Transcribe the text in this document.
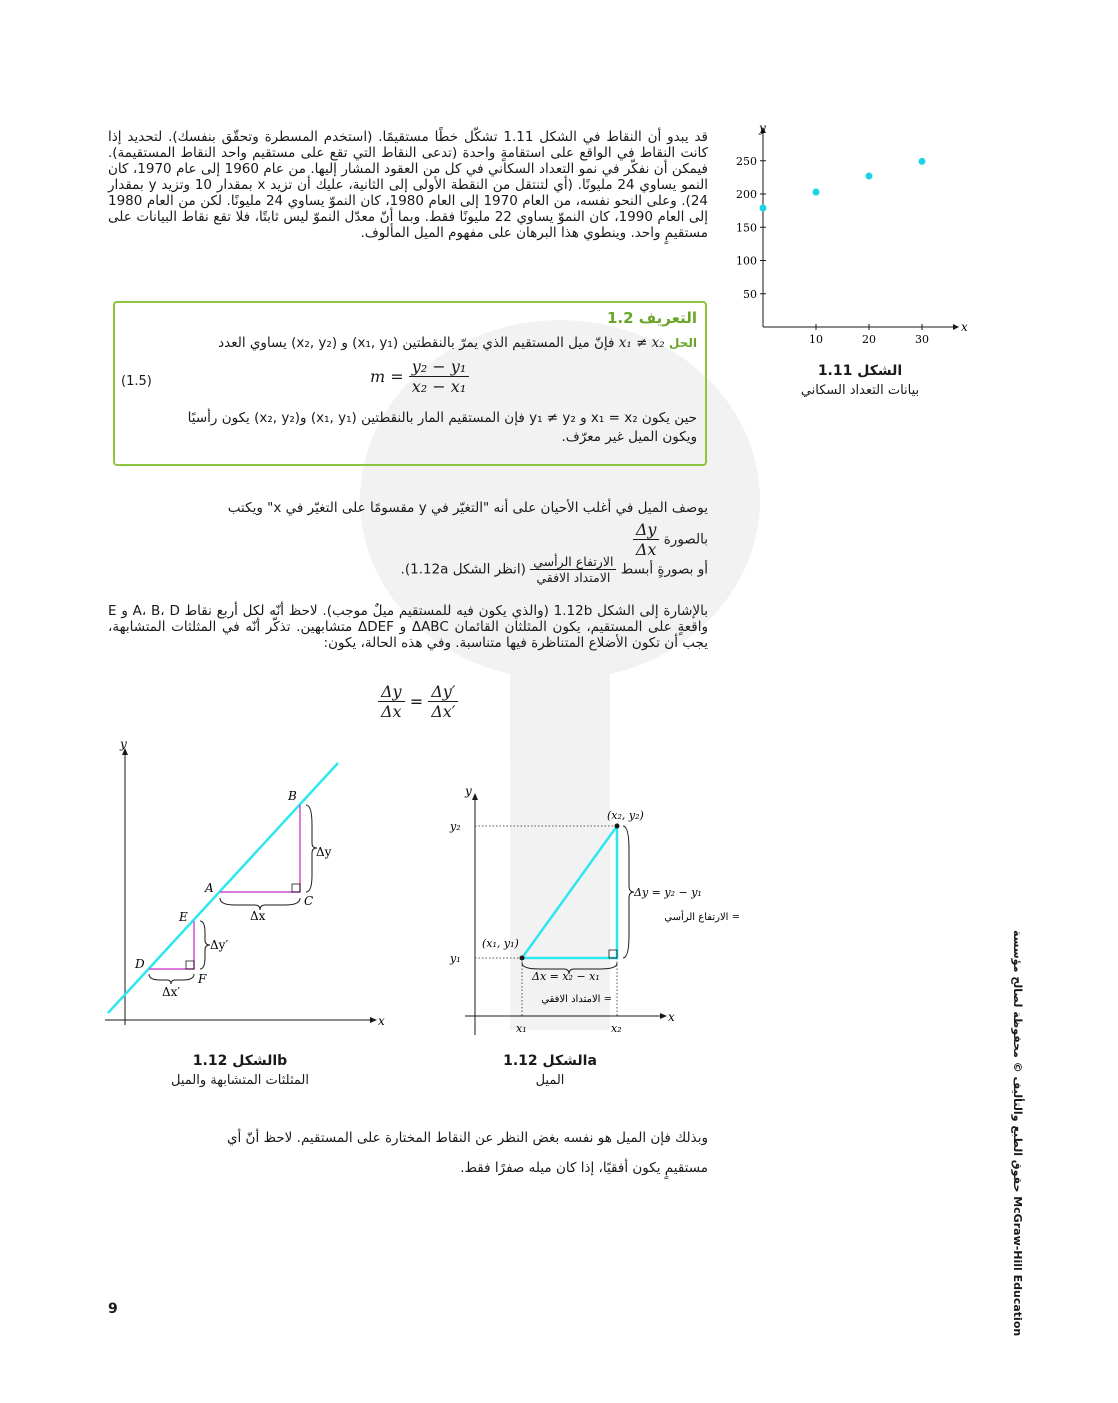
قد يبدو أن النقاط في الشكل 1.11 تشكّل خطًا مستقيمًا. (استخدم المسطرة وتحقّق بنفسك). لتحديد إذا كانت النقاط في الواقع على استقامةٍ واحدة (تدعى النقاط التي تقع على مستقيم واحد النقاط المستقيمة). فيمكن أن نفكّر في نمو التعداد السكاني في كل من العقود المشار إليها. من عام 1960 إلى عام 1970، كان النمو يساوي 24 مليونًا. (أي لتنتقل من النقطة الأولى إلى الثانية، عليك أن تزيد x بمقدار 10 وتزيد y بمقدار 24). وعلى النحو نفسه، من العام 1970 إلى العام 1980، كان النموّ يساوي 24 مليونًا. لكن من العام 1980 إلى العام 1990، كان النموّ يساوي 22 مليونًا فقط. وبما أنّ معدّل النموّ ليس ثابتًا، فلا تقع نقاط البيانات على مستقيمٍ واحد. وينطوي هذا البرهان على مفهوم الميل المألوف.
التعريف 1.2
الحل x₁ ≠ x₂ فإنّ ميل المستقيم الذي يمرّ بالنقطتين (x₁, y₁) و (x₂, y₂) يساوي العدد
$m = \frac{\text{y₂ − y₁}}{\text{x₂ − x₁}}$
(1.5)
حين يكون x₁ = x₂ و y₁ ≠ y₂ فإن المستقيم المار بالنقطتين (x₁, y₁) و(x₂, y₂) يكون رأسيًا
ويكون الميل غير معرّف.
يوصف الميل في أغلب الأحيان على أنه "التغيّر في y مقسومًا على التغيّر في x" ويكتب
بالصورة
$\frac{\Delta y}{\Delta x}$
أو بصورةٍ أبسط
$\frac{\text{الارتفاع الرأسي}}{\text{الامتداد الافقي}}$
(انظر الشكل 1.12a).
بالإشارة إلى الشكل 1.12b (والذي يكون فيه للمستقيم ميلٌ موجب). لاحظ أنّه لكل أربع نقاط A، B، D و E واقعةٍ على المستقيم، يكون المثلثان القائمان ΔABC و ΔDEF متشابهين. تذكّر أنّه في المثلثات المتشابهة، يجب أن تكون الأضلاع المتناظرة فيها متناسبة. وفي هذه الحالة، يكون:
$\frac{\Delta y}{\Delta x} = \frac{\Delta y'}{\Delta x'}$
x
y
10	20	30
50
100
150
200
250
الشكل 1.11
بيانات التعداد السكاني
y
x
B
A
C
E
D
F
Δy
Δx
Δy′
Δx′
الشكل 1.12b
المثلثات المتشابهة والميل
y
x
(x₂, y₂)
(x₁, y₁)
y₂
y₁
x₁	x₂
Δy = y₂ − y₁
= الارتفاع الرأسي
Δx = x₂ − x₁
= الامتداد الافقي
الشكل 1.12a
الميل
وبذلك فإن الميل هو نفسه بغض النظر عن النقاط المختارة على المستقيم. لاحظ أنّ أي
مستقيمٍ يكون أفقيًا، إذا كان ميله صفرًا فقط.
9
حقوق الطبع والتأليف © محفوظة لصالح مؤسسة McGraw-Hill Education
